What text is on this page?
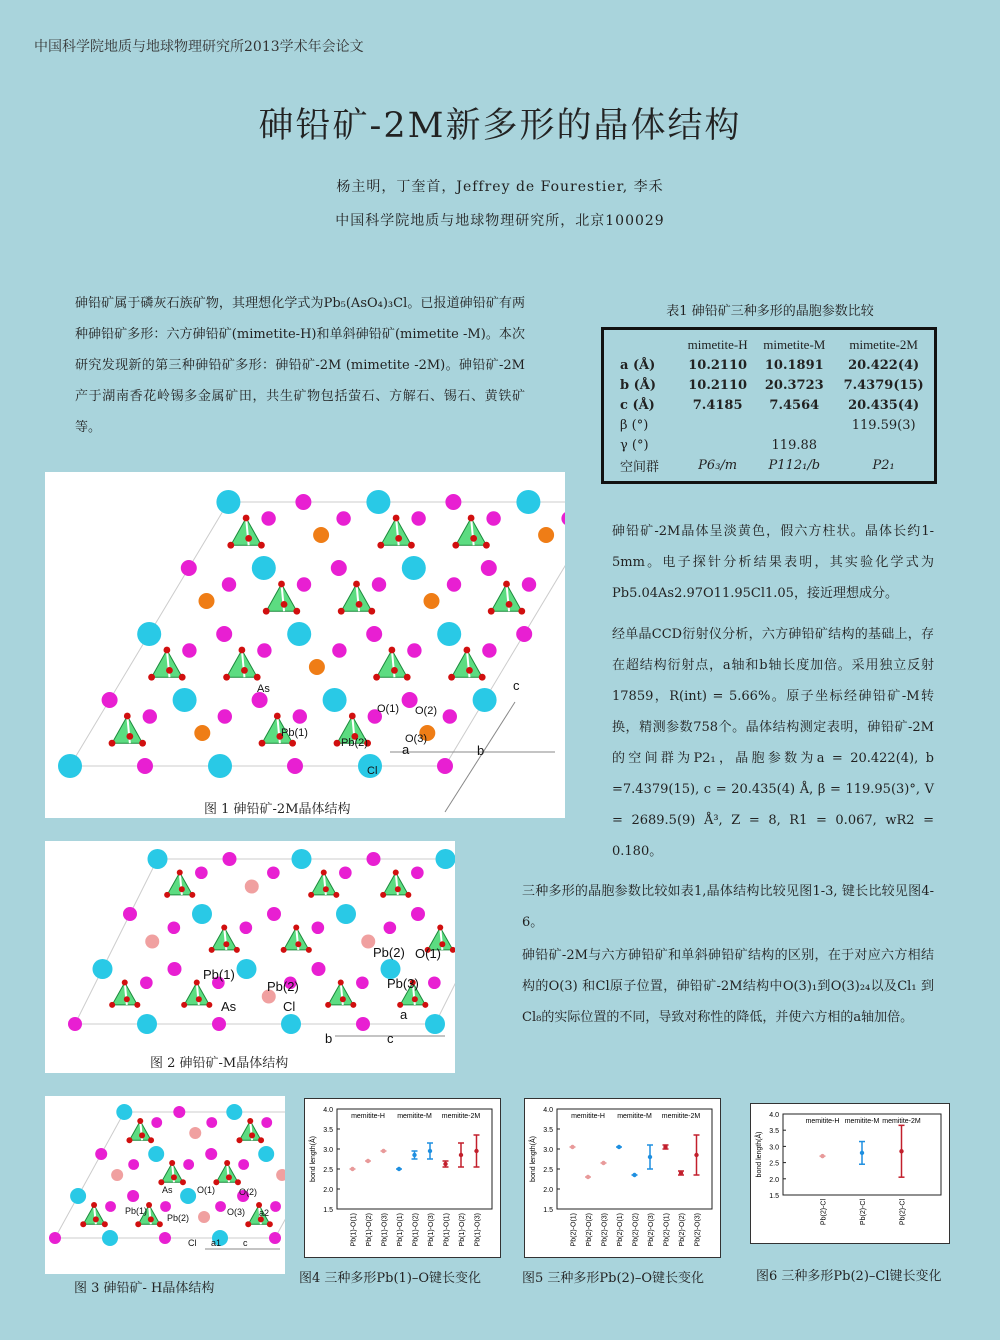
中国科学院地质与地球物理研究所2013学术年会论文
砷铅矿-2M新多形的晶体结构
杨主明，丁奎首，Jeffrey de Fourestier, 李禾
中国科学院地质与地球物理研究所，北京100029
砷铅矿属于磷灰石族矿物，其理想化学式为Pb₅(AsO₄)₃Cl。已报道砷铅矿有两种砷铅矿多形：六方砷铅矿(mimetite-H)和单斜砷铅矿(mimetite -M)。本次研究发现新的第三种砷铅矿多形：砷铅矿-2M (mimetite -2M)。砷铅矿-2M产于湖南香花岭锡多金属矿田，共生矿物包括萤石、方解石、锡石、黄铁矿等。
表1 砷铅矿三种多形的晶胞参数比较
	mimetite-H	mimetite-M	mimetite-2M
a (Å)	10.2110	10.1891	20.422(4)
b (Å)	10.2110	20.3723	7.4379(15)
c (Å)	7.4185	7.4564	20.435(4)
β (°)			119.59(3)
γ (°)		119.88	
空间群	P6₃/m	P112₁/b	P2₁
砷铅矿-2M晶体呈淡黄色，假六方柱状。晶体长约1-5mm。电子探针分析结果表明，其实验化学式为Pb5.04As2.97O11.95Cl1.05，接近理想成分。
经单晶CCD衍射仪分析，六方砷铅矿结构的基础上，存在超结构衍射点，a轴和b轴长度加倍。采用独立反射17859，R(int) = 5.66%。原子坐标经砷铅矿-M转换，精测参数758个。晶体结构测定表明，砷铅矿-2M的空间群为P2₁，晶胞参数为a = 20.422(4), b =7.4379(15), c = 20.435(4) Å, β = 119.95(3)°, V = 2689.5(9) Å³, Z = 8, R1 = 0.067, wR2 = 0.180。
三种多形的晶胞参数比较如表1,晶体结构比较见图1-3, 键长比较见图4-6。
砷铅矿-2M与六方砷铅矿和单斜砷铅矿结构的区别，在于对应六方相结构的O(3) 和Cl原子位置，砷铅矿-2M结构中O(3)₁到O(3)₂₄以及Cl₁ 到Cl₈的实际位置的不同，导致对称性的降低，并使六方相的a轴加倍。
As
O(1) O(2)
O(3)
Pb(1)
Pb(2)
Cl
a	b
c
图 1 砷铅矿-2M晶体结构
Pb(1)
Pb(2)
Pb(2) O(1)
Pb(3)
As	Cl
a
b	c
图 2 砷铅矿-M晶体结构
As	O(1)	O(2)
O(3)
Pb(1)
Pb(2)
Cl a1
a2
c
图 3 砷铅矿- H晶体结构
1.5
2.0
2.5
3.0
3.5
4.0
bond length(Å)
memitite-H memitite-M memitite-2M
Pb(1)-O(1) Pb(1)-O(2) Pb(1)-O(3) Pb(1)-O(1) Pb(1)-O(2) Pb(1)-O(3) Pb(1)-O(1) Pb(1)-O(2) Pb(1)-O(3)
图4 三种多形Pb(1)–O键长变化
1.5
2.0
2.5
3.0
3.5
4.0
bond length(Å)
memitite-H memitite-M memitite-2M
Pb(2)-O(1) Pb(2)-O(2) Pb(2)-O(3) Pb(2)-O(1) Pb(2)-O(2) Pb(2)-O(3) Pb(2)-O(1) Pb(2)-O(2) Pb(2)-O(3)
图5 三种多形Pb(2)–O键长变化
1.5
2.0
2.5
3.0
3.5
4.0
bond length(Å)
memitite-H memitite-M memitite-2M
Pb(2)-Cl	Pb(2)-Cl	Pb(2)-Cl
图6 三种多形Pb(2)–Cl键长变化
